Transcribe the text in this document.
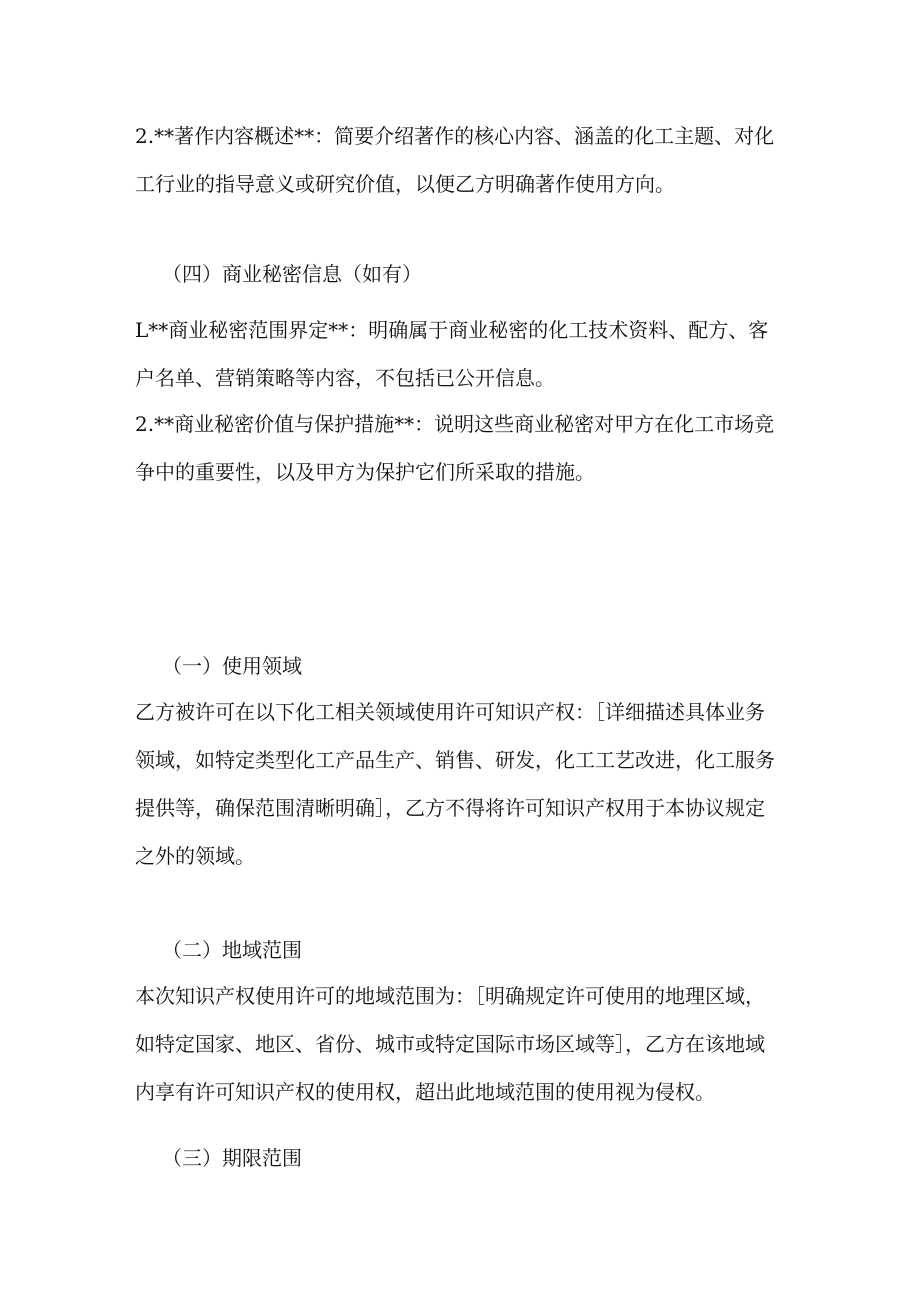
2.**著作内容概述**：简要介绍著作的核心内容、涵盖的化工主题、对化
工行业的指导意义或研究价值，以便乙方明确著作使用方向。

（四）商业秘密信息（如有）

L**商业秘密范围界定**：明确属于商业秘密的化工技术资料、配方、客
户名单、营销策略等内容，不包括已公开信息。

2.**商业秘密价值与保护措施**：说明这些商业秘密对甲方在化工市场竞
争中的重要性，以及甲方为保护它们所采取的措施。

（一）使用领域

乙方被许可在以下化工相关领域使用许可知识产权：［详细描述具体业务
领域，如特定类型化工产品生产、销售、研发，化工工艺改进，化工服务
提供等，确保范围清晰明确］，乙方不得将许可知识产权用于本协议规定
之外的领域。

（二）地域范围

本次知识产权使用许可的地域范围为：［明确规定许可使用的地理区域，
如特定国家、地区、省份、城市或特定国际市场区域等］，乙方在该地域
内享有许可知识产权的使用权，超出此地域范围的使用视为侵权。

（三）期限范围
